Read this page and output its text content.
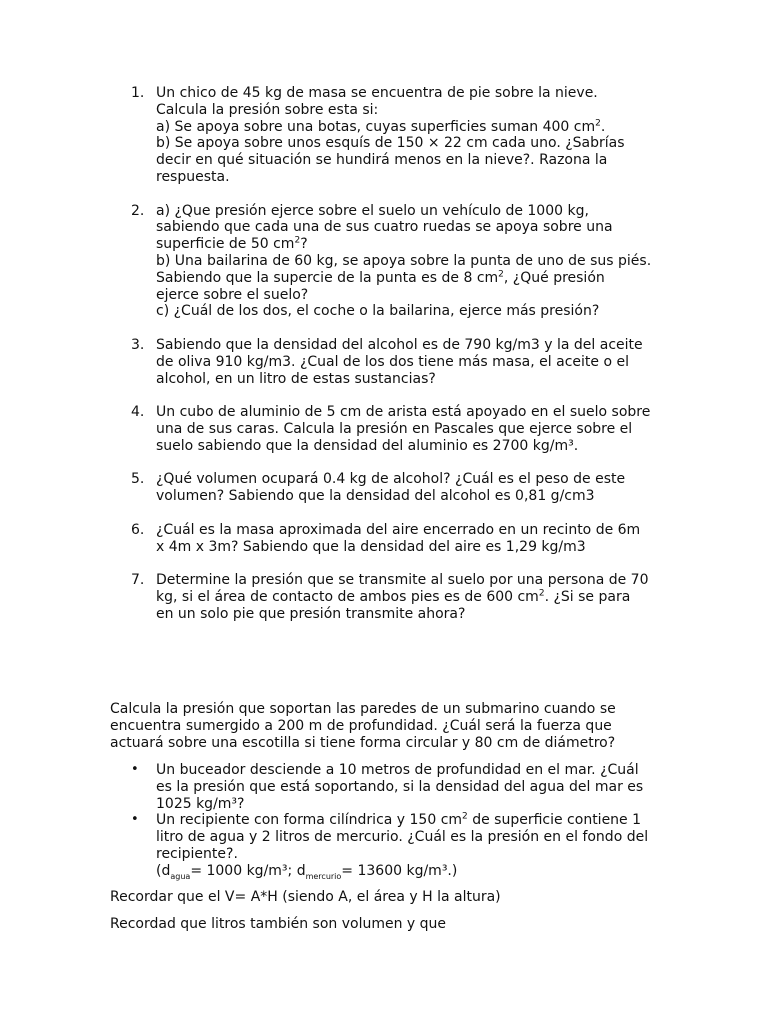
1. Un chico de 45 kg de masa se encuentra de pie sobre la nieve.
Calcula la presión sobre esta si:
a) Se apoya sobre una botas, cuyas superficies suman 400 $cm^2$.
b) Se apoya sobre unos esquís de 150 × 22 cm cada uno. ¿Sabrías
decir en qué situación se hundirá menos en la nieve?. Razona la
respuesta.
2. a) ¿Que presión ejerce sobre el suelo un vehículo de 1000 kg,
sabiendo que cada una de sus cuatro ruedas se apoya sobre una
superficie de 50 $cm^2$?
b) Una bailarina de 60 kg, se apoya sobre la punta de uno de sus piés.
Sabiendo que la supercie de la punta es de 8 $cm^2$, ¿Qué presión
ejerce sobre el suelo?
c) ¿Cuál de los dos, el coche o la bailarina, ejerce más presión?
3. Sabiendo que la densidad del alcohol es de 790 kg/m3 y la del aceite
de oliva 910 kg/m3. ¿Cual de los dos tiene más masa, el aceite o el
alcohol, en un litro de estas sustancias?
4. Un cubo de aluminio de 5 cm de arista está apoyado en el suelo sobre
una de sus caras. Calcula la presión en Pascales que ejerce sobre el
suelo sabiendo que la densidad del aluminio es 2700 kg/m³.
5. ¿Qué volumen ocupará 0.4 kg de alcohol? ¿Cuál es el peso de este
volumen? Sabiendo que la densidad del alcohol es 0,81 g/cm3
6. ¿Cuál es la masa aproximada del aire encerrado en un recinto de 6m
x 4m x 3m? Sabiendo que la densidad del aire es 1,29 kg/m3
7. Determine la presión que se transmite al suelo por una persona de 70
kg, si el área de contacto de ambos pies es de 600 $cm^2$. ¿Si se para
en un solo pie que presión transmite ahora?
Calcula la presión que soportan las paredes de un submarino cuando se
encuentra sumergido a 200 m de profundidad. ¿Cuál será la fuerza que
actuará sobre una escotilla si tiene forma circular y 80 cm de diámetro?
• Un buceador desciende a 10 metros de profundidad en el mar. ¿Cuál
es la presión que está soportando, si la densidad del agua del mar es
1025 kg/m³?
• Un recipiente con forma cilíndrica y 150 $cm^2$ de superficie contiene 1
litro de agua y 2 litros de mercurio. ¿Cuál es la presión en el fondo del
recipiente?.
($d_{agua}= 1000$ kg/m³; $d_{mercurio}= 13600$ kg/m³.)
Recordar que el V= A*H (siendo A, el área y H la altura)
Recordad que litros también son volumen y que
